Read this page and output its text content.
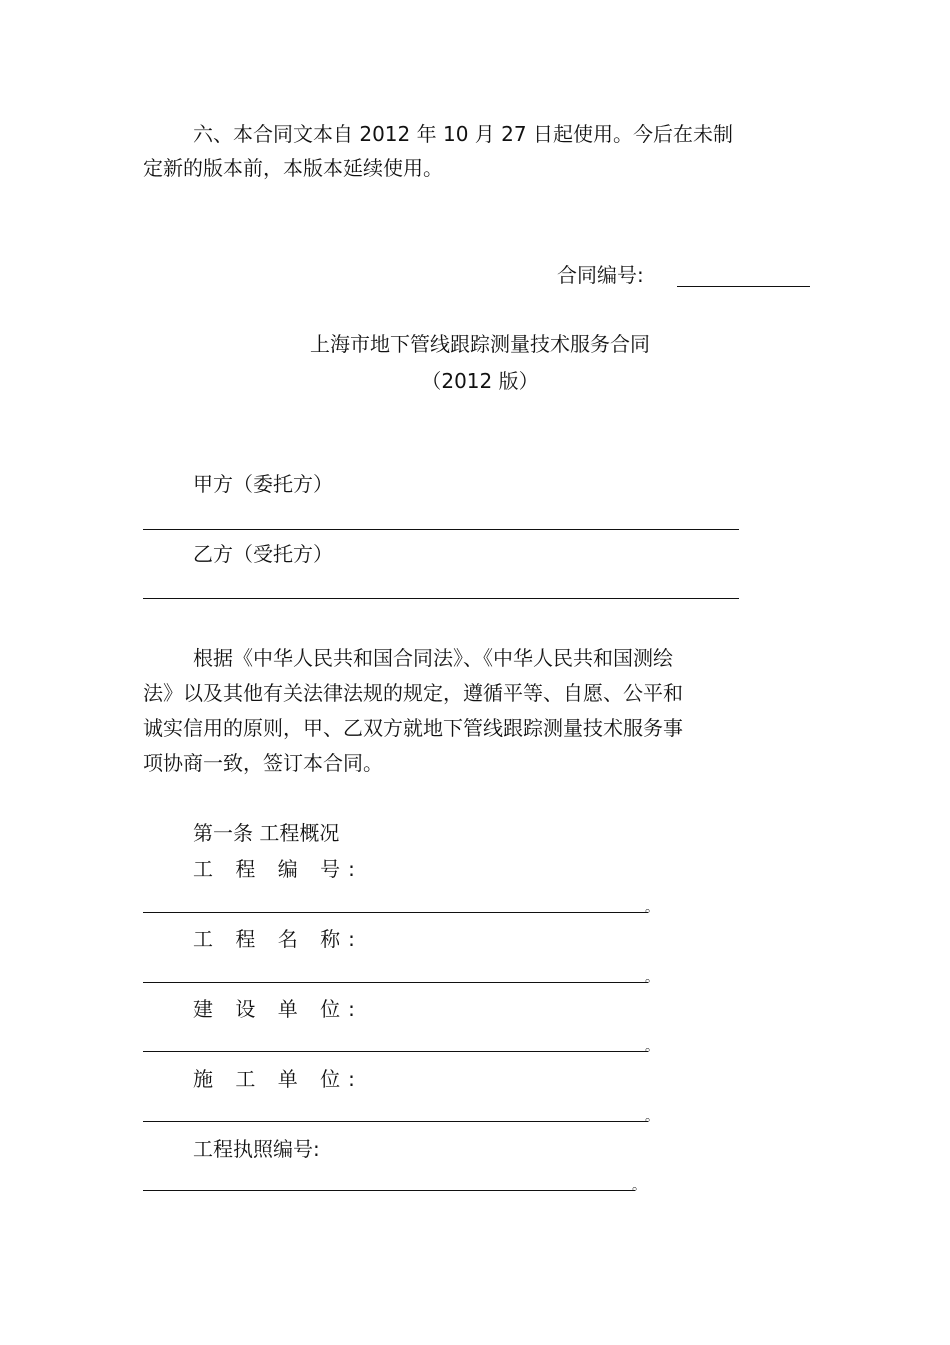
六、本合同文本自 2012 年 10 月 27 日起使用。今后在未制
定新的版本前，本版本延续使用。
合同编号:
上海市地下管线跟踪测量技术服务合同
（2012 版）
甲方（委托方）
乙方（受托方）
根据《中华人民共和国合同法》、《中华人民共和国测绘
法》以及其他有关法律法规的规定，遵循平等、自愿、公平和
诚实信用的原则，甲、乙双方就地下管线跟踪测量技术服务事
项协商一致，签订本合同。
第一条 工程概况
工 程 编 号:
。
工 程 名 称:
。
建 设 单 位:
。
施 工 单 位:
。
工程执照编号:
。
